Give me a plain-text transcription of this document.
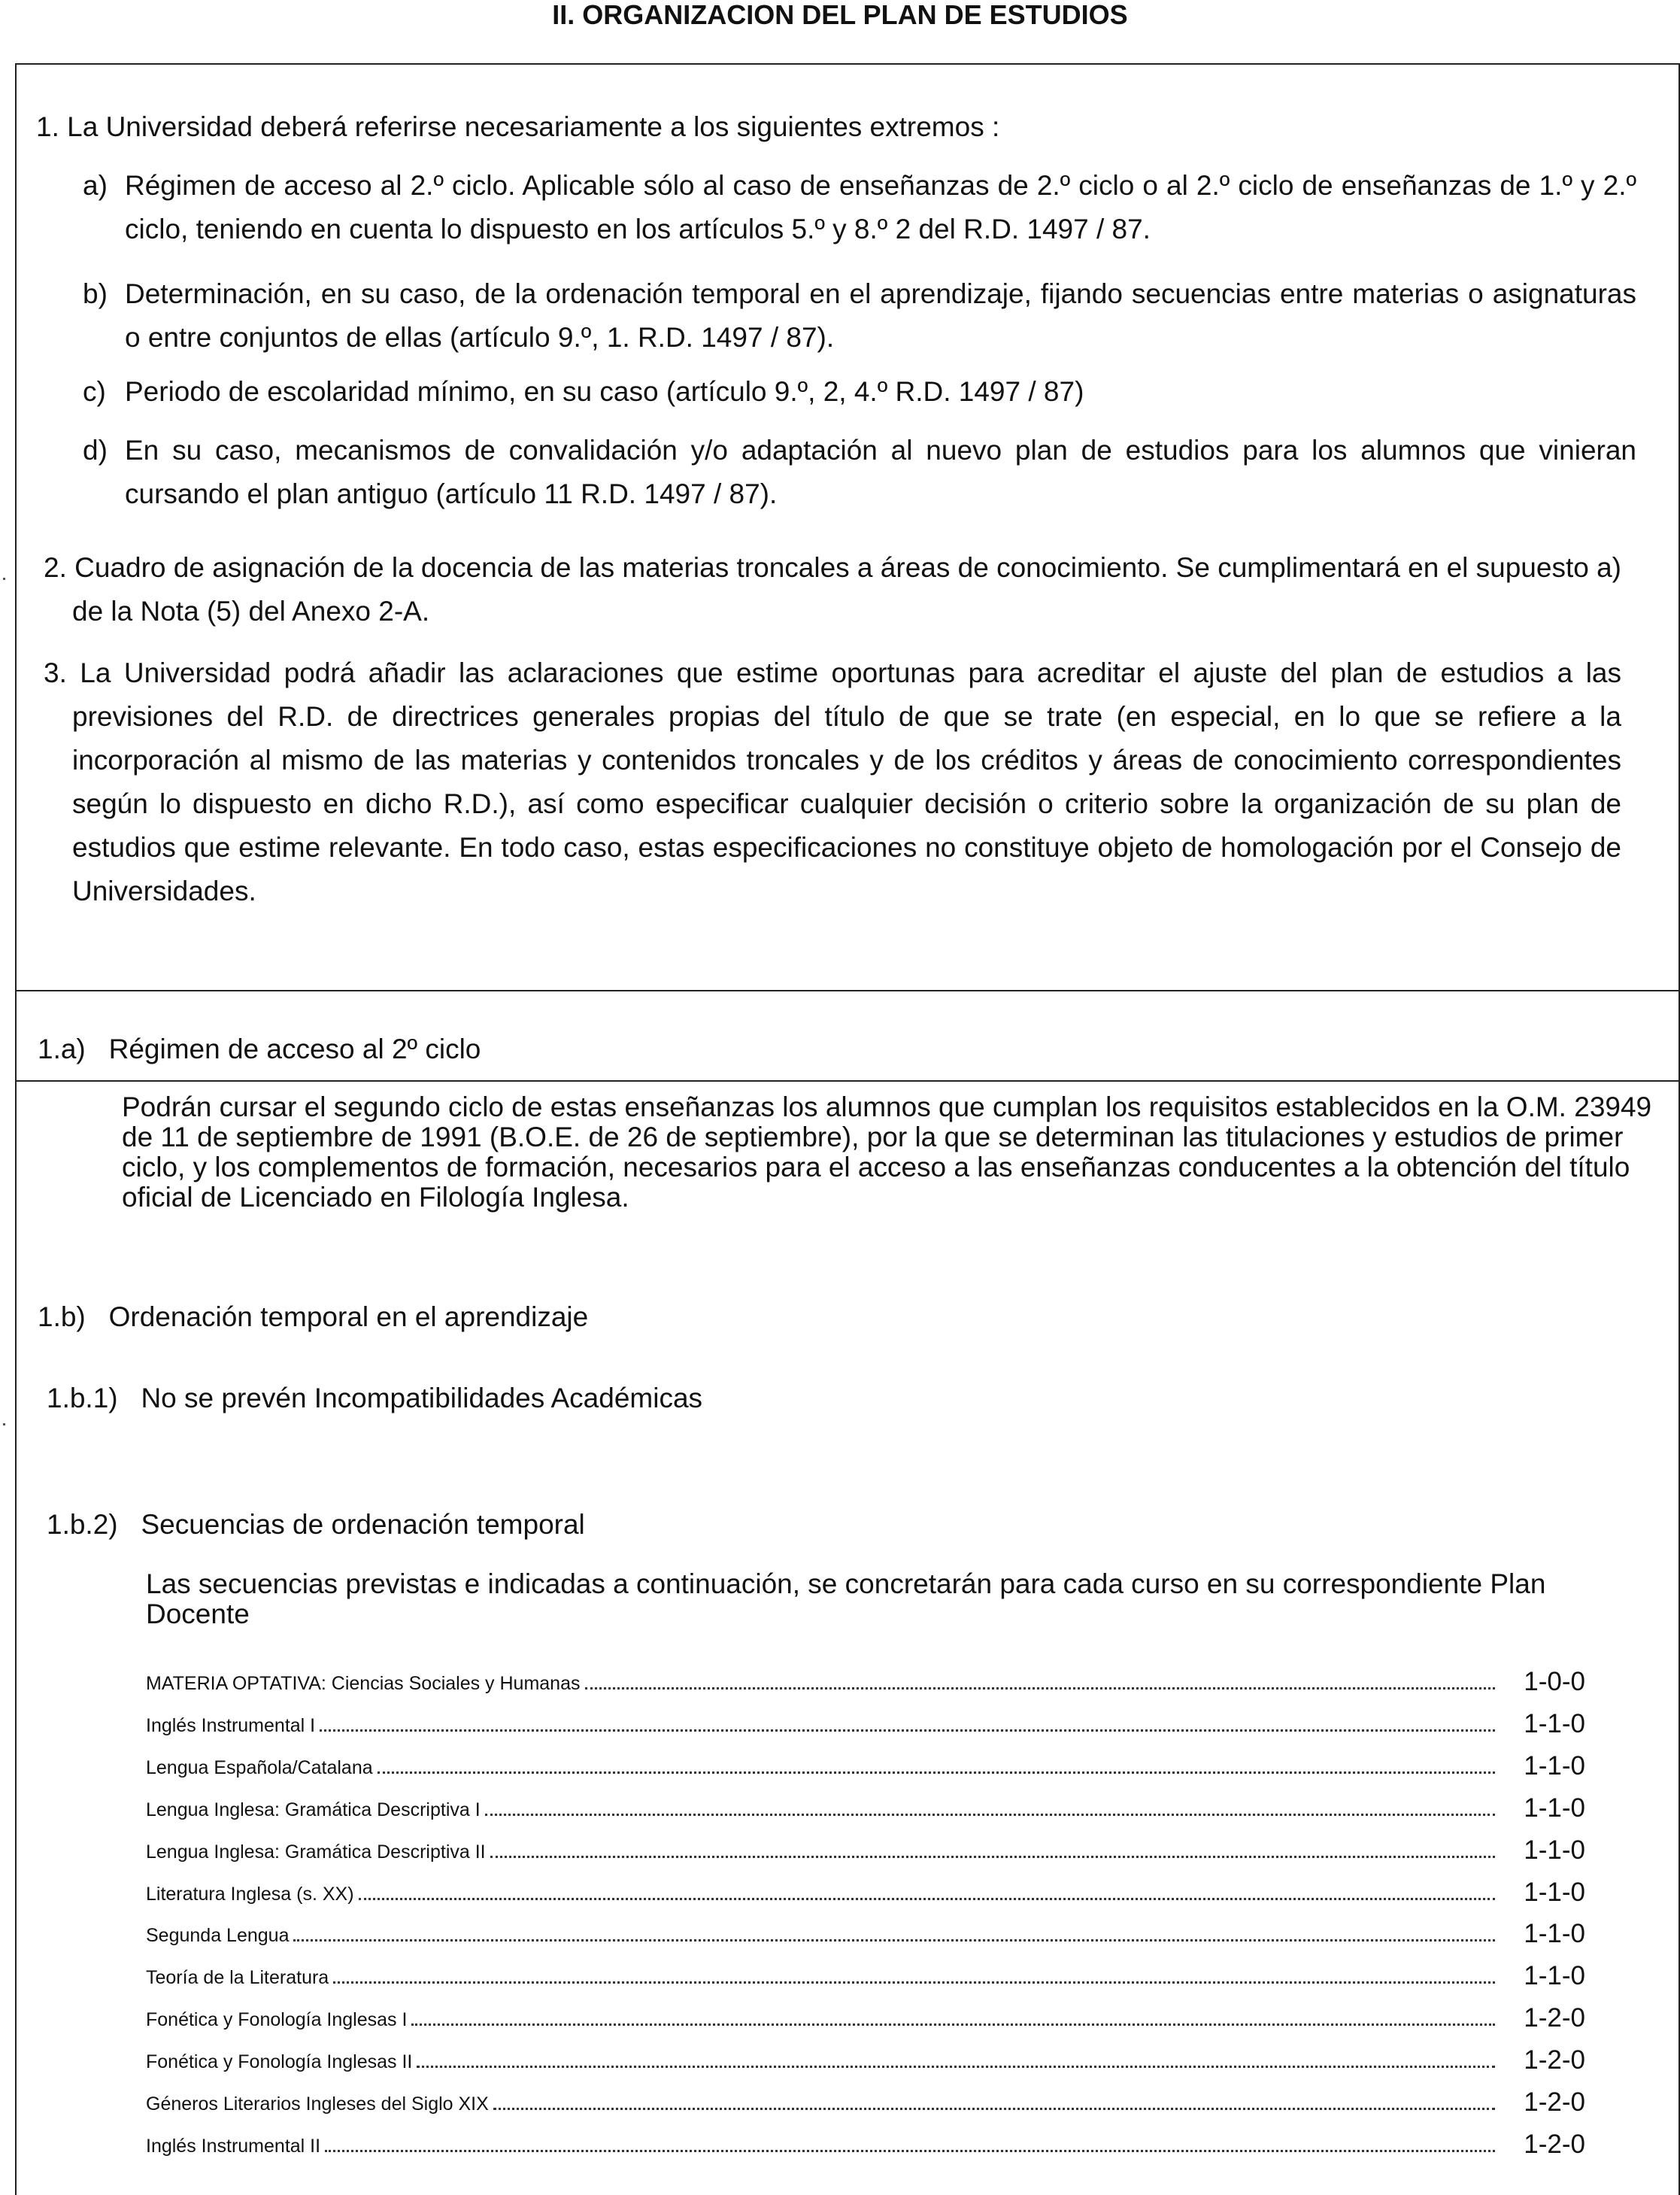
II. ORGANIZACION DEL PLAN DE ESTUDIOS
1. La Universidad deberá referirse necesariamente a los siguientes extremos :
a) Régimen de acceso al 2.º ciclo. Aplicable sólo al caso de enseñanzas de 2.º ciclo o al 2.º ciclo de enseñanzas de 1.º y 2.º ciclo, teniendo en cuenta lo dispuesto en los artículos 5.º y 8.º 2 del R.D. 1497 / 87.
b) Determinación, en su caso, de la ordenación temporal en el aprendizaje, fijando secuencias entre materias o asignaturas o entre conjuntos de ellas (artículo 9.º, 1. R.D. 1497 / 87).
c) Periodo de escolaridad mínimo, en su caso (artículo 9.º, 2, 4.º R.D. 1497 / 87)
d) En su caso, mecanismos de convalidación y/o adaptación al nuevo plan de estudios para los alumnos que vinieran cursando el plan antiguo (artículo 11 R.D. 1497 / 87).
2. Cuadro de asignación de la docencia de las materias troncales a áreas de conocimiento. Se cumplimentará en el supuesto a) de la Nota (5) del Anexo 2-A.
3. La Universidad podrá añadir las aclaraciones que estime oportunas para acreditar el ajuste del plan de estudios a las previsiones del R.D. de directrices generales propias del título de que se trate (en especial, en lo que se refiere a la incorporación al mismo de las materias y contenidos troncales y de los créditos y áreas de conocimiento correspondientes según lo dispuesto en dicho R.D.), así como especificar cualquier decisión o criterio sobre la organización de su plan de estudios que estime relevante. En todo caso, estas especificaciones no constituye objeto de homologación por el Consejo de Universidades.
1.a)   Régimen de acceso al 2º ciclo
Podrán cursar el segundo ciclo de estas enseñanzas los alumnos que cumplan los requisitos establecidos en la O.M. 23949 de 11 de septiembre de 1991 (B.O.E. de 26 de septiembre), por la que se determinan las titulaciones y estudios de primer ciclo, y los complementos de formación, necesarios para el acceso a las enseñanzas conducentes a la obtención del título oficial de Licenciado en Filología Inglesa.
1.b)   Ordenación temporal en el aprendizaje
1.b.1)   No se prevén Incompatibilidades Académicas
1.b.2)   Secuencias de ordenación temporal
Las secuencias previstas e indicadas a continuación, se concretarán para cada curso en su correspondiente Plan Docente
MATERIA OPTATIVA: Ciencias Sociales y Humanas	1-0-0
Inglés Instrumental I	1-1-0
Lengua Española/Catalana	1-1-0
Lengua Inglesa: Gramática Descriptiva I	1-1-0
Lengua Inglesa: Gramática Descriptiva II	1-1-0
Literatura Inglesa (s. XX)	1-1-0
Segunda Lengua	1-1-0
Teoría de la Literatura	1-1-0
Fonética y Fonología Inglesas I	1-2-0
Fonética y Fonología Inglesas II	1-2-0
Géneros Literarios Ingleses del Siglo XIX	1-2-0
Inglés Instrumental II	1-2-0
